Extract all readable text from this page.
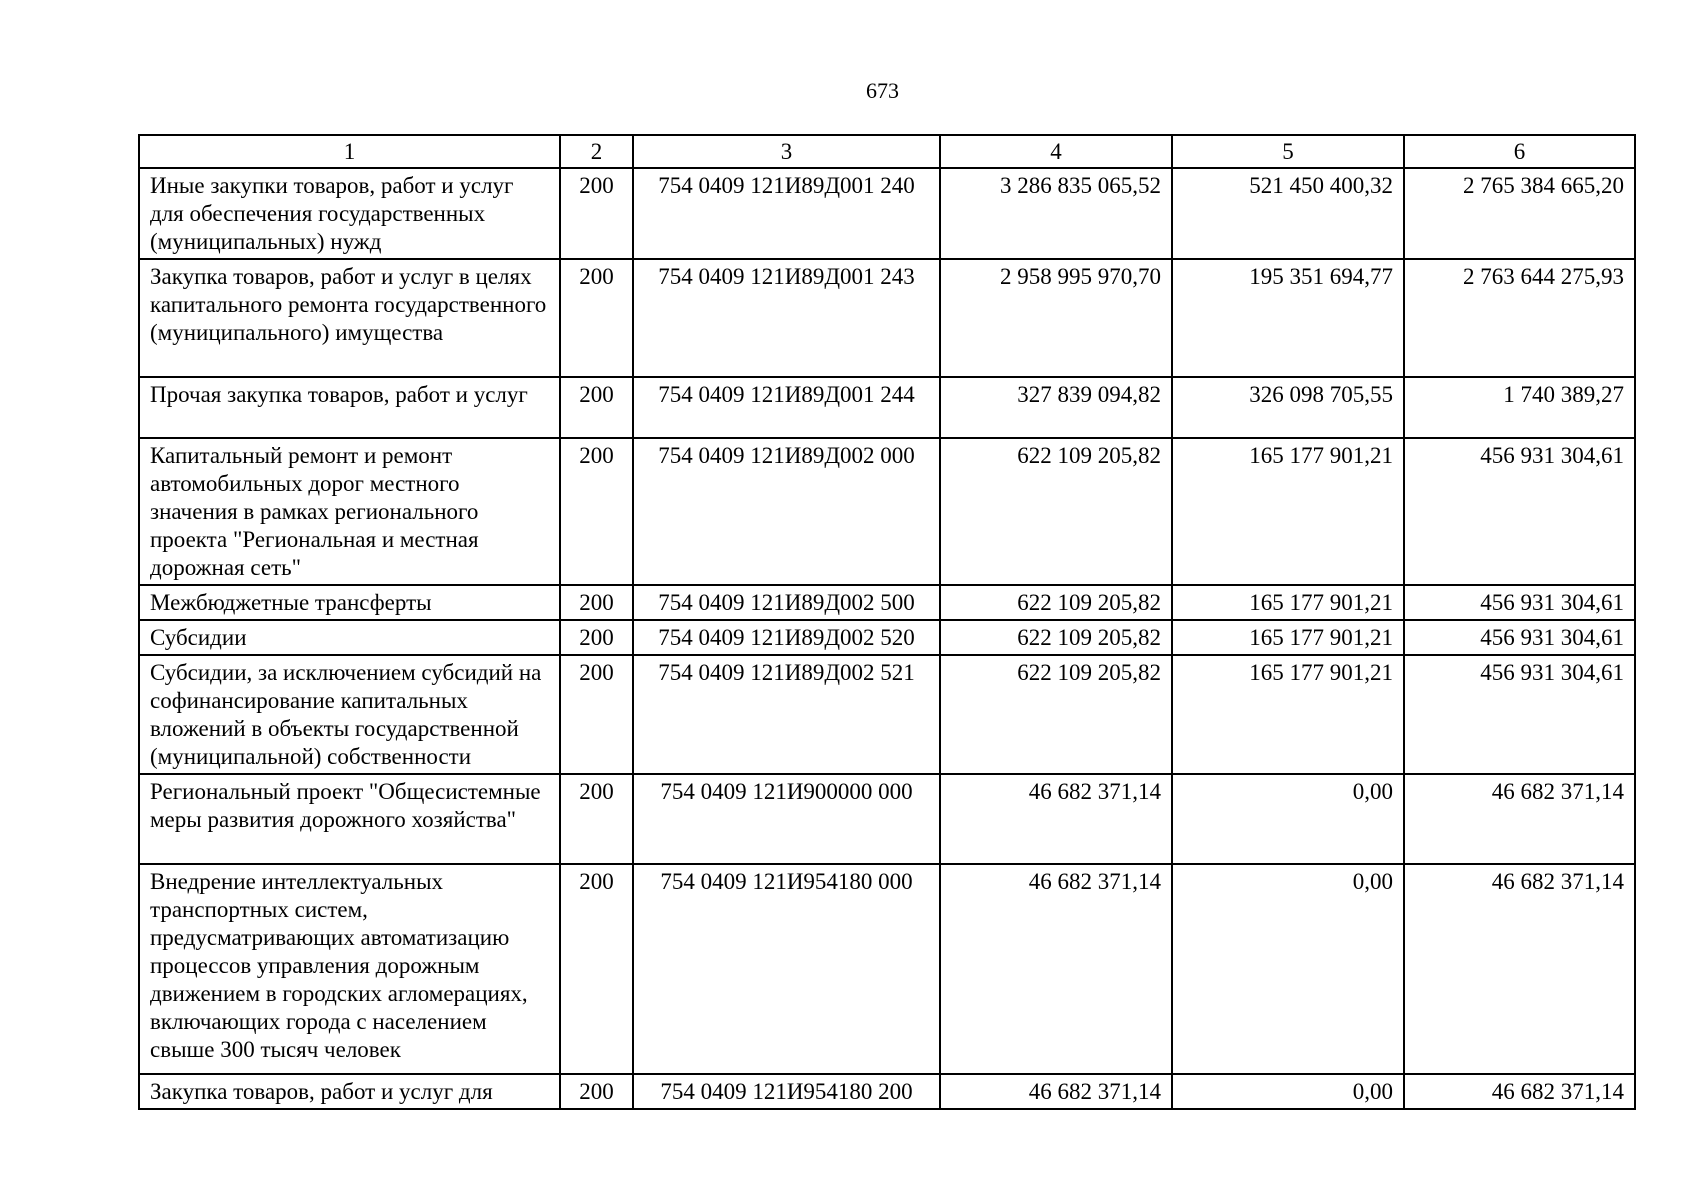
673
1	2	3	4	5	6
Иные закупки товаров, работ и услуг для обеспечения государственных (муниципальных) нужд	200	754 0409 121И89Д001 240	3 286 835 065,52	521 450 400,32	2 765 384 665,20
Закупка товаров, работ и услуг в целях капитального ремонта государственного (муниципального) имущества	200	754 0409 121И89Д001 243	2 958 995 970,70	195 351 694,77	2 763 644 275,93
Прочая закупка товаров, работ и услуг	200	754 0409 121И89Д001 244	327 839 094,82	326 098 705,55	1 740 389,27
Капитальный ремонт и ремонт автомобильных дорог местного значения в рамках регионального проекта "Региональная и местная дорожная сеть"	200	754 0409 121И89Д002 000	622 109 205,82	165 177 901,21	456 931 304,61
Межбюджетные трансферты	200	754 0409 121И89Д002 500	622 109 205,82	165 177 901,21	456 931 304,61
Субсидии	200	754 0409 121И89Д002 520	622 109 205,82	165 177 901,21	456 931 304,61
Субсидии, за исключением субсидий на софинансирование капитальных вложений в объекты государственной (муниципальной) собственности	200	754 0409 121И89Д002 521	622 109 205,82	165 177 901,21	456 931 304,61
Региональный проект "Общесистемные меры развития дорожного хозяйства"	200	754 0409 121И900000 000	46 682 371,14	0,00	46 682 371,14
Внедрение интеллектуальных транспортных систем, предусматривающих автоматизацию процессов управления дорожным движением в городских агломерациях, включающих города с населением свыше 300 тысяч человек	200	754 0409 121И954180 000	46 682 371,14	0,00	46 682 371,14
Закупка товаров, работ и услуг для	200	754 0409 121И954180 200	46 682 371,14	0,00	46 682 371,14
